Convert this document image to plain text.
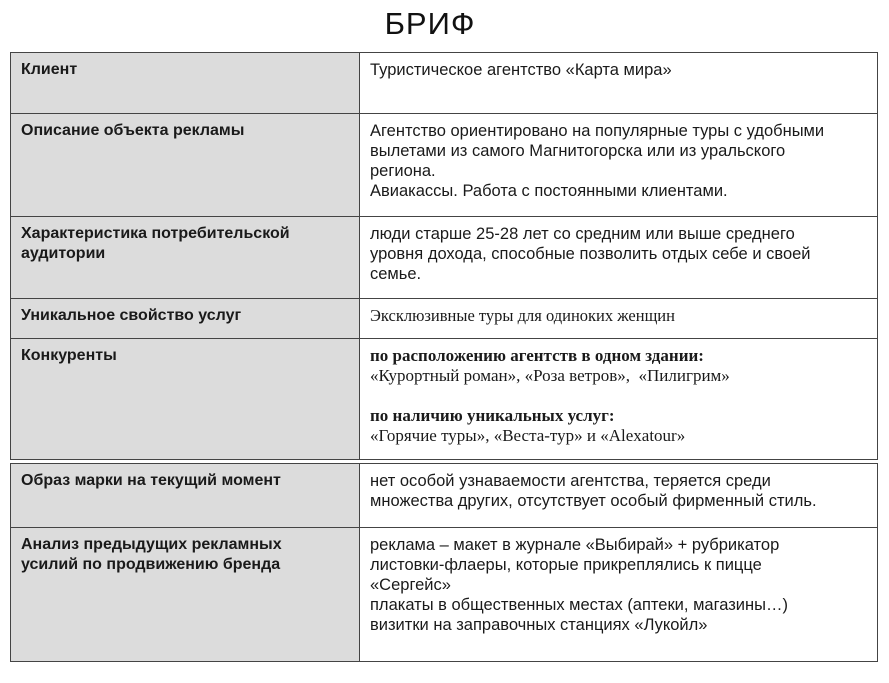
БРИФ
Клиент	Туристическое агентство «Карта мира»
Описание объекта рекламы	Агентство ориентировано на популярные туры с удобными
вылетами из самого Магнитогорска или из уральского
региона.
Авиакассы. Работа с постоянными клиентами.

Характеристика потребительской
аудитории	люди старше 25-28 лет со средним или выше среднего
уровня дохода, способные позволить отдых себе и своей
семье.

Уникальное свойство услуг	Эксклюзивные туры для одиноких женщин
Конкуренты	по расположению агентств в одном здании:
«Курортный роман», «Роза ветров»,  «Пилигрим»
по наличию уникальных услуг:
«Горячие туры», «Веста-тур» и «Alexatour»
Образ марки на текущий момент	нет особой узнаваемости агентства, теряется среди
множества других, отсутствует особый фирменный стиль.

Анализ предыдущих рекламных
усилий по продвижению бренда	реклама – макет в журнале «Выбирай» + рубрикатор
листовки-флаеры, которые прикреплялись к пицце
«Сергейс»
плакаты в общественных местах (аптеки, магазины…)
визитки на заправочных станциях «Лукойл»
